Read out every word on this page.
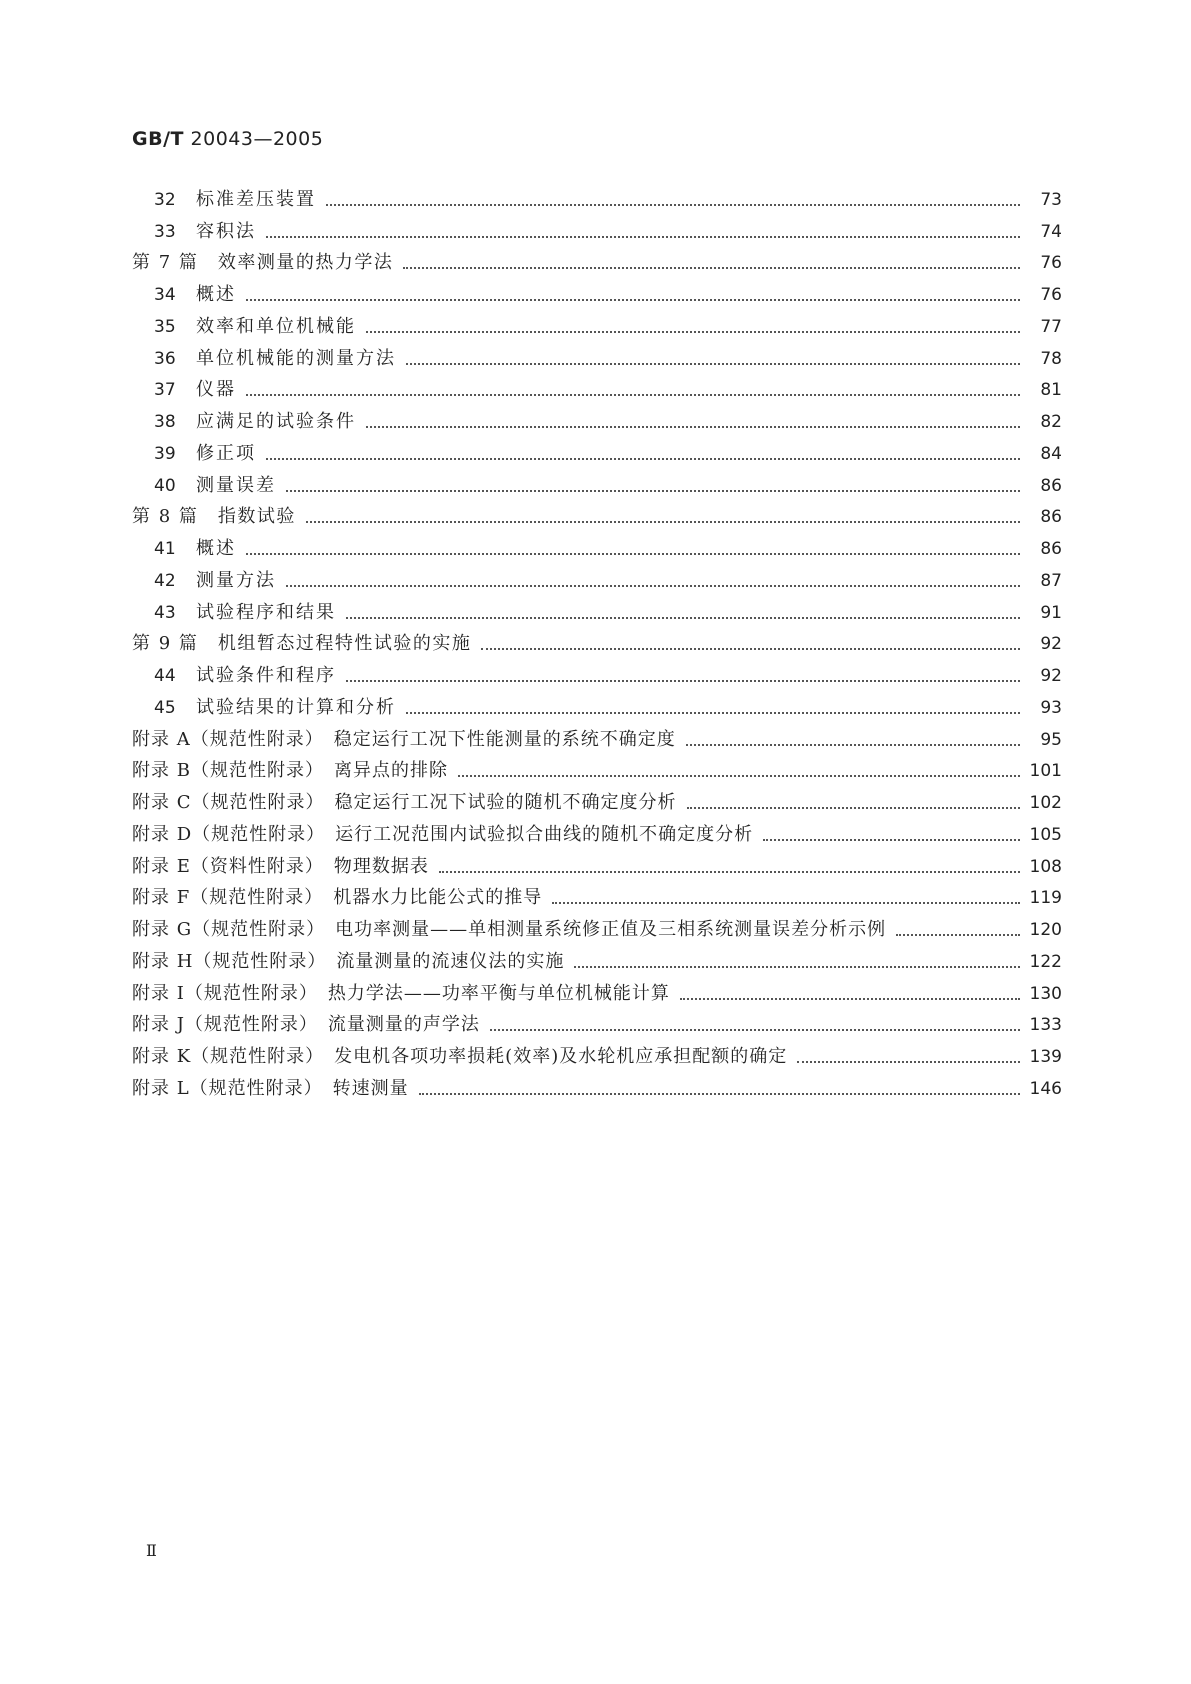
GB/T 20043—2005
32	标准差压装置	73
33	容积法	74
第 7 篇　效率测量的热力学法	76
34	概述	76
35	效率和单位机械能	77
36	单位机械能的测量方法	78
37	仪器	81
38	应满足的试验条件	82
39	修正项	84
40	测量误差	86
第 8 篇　指数试验	86
41	概述	86
42	测量方法	87
43	试验程序和结果	91
第 9 篇　机组暂态过程特性试验的实施	92
44	试验条件和程序	92
45	试验结果的计算和分析	93
附录 A（规范性附录）　稳定运行工况下性能测量的系统不确定度	95
附录 B（规范性附录）　离异点的排除	101
附录 C（规范性附录）　稳定运行工况下试验的随机不确定度分析	102
附录 D（规范性附录）　运行工况范围内试验拟合曲线的随机不确定度分析	105
附录 E（资料性附录）　物理数据表	108
附录 F（规范性附录）　机器水力比能公式的推导	119
附录 G（规范性附录）　电功率测量——单相测量系统修正值及三相系统测量误差分析示例	120
附录 H（规范性附录）　流量测量的流速仪法的实施	122
附录 I（规范性附录）　热力学法——功率平衡与单位机械能计算	130
附录 J（规范性附录）　流量测量的声学法	133
附录 K（规范性附录）　发电机各项功率损耗(效率)及水轮机应承担配额的确定	139
附录 L（规范性附录）　转速测量	146
Ⅱ
